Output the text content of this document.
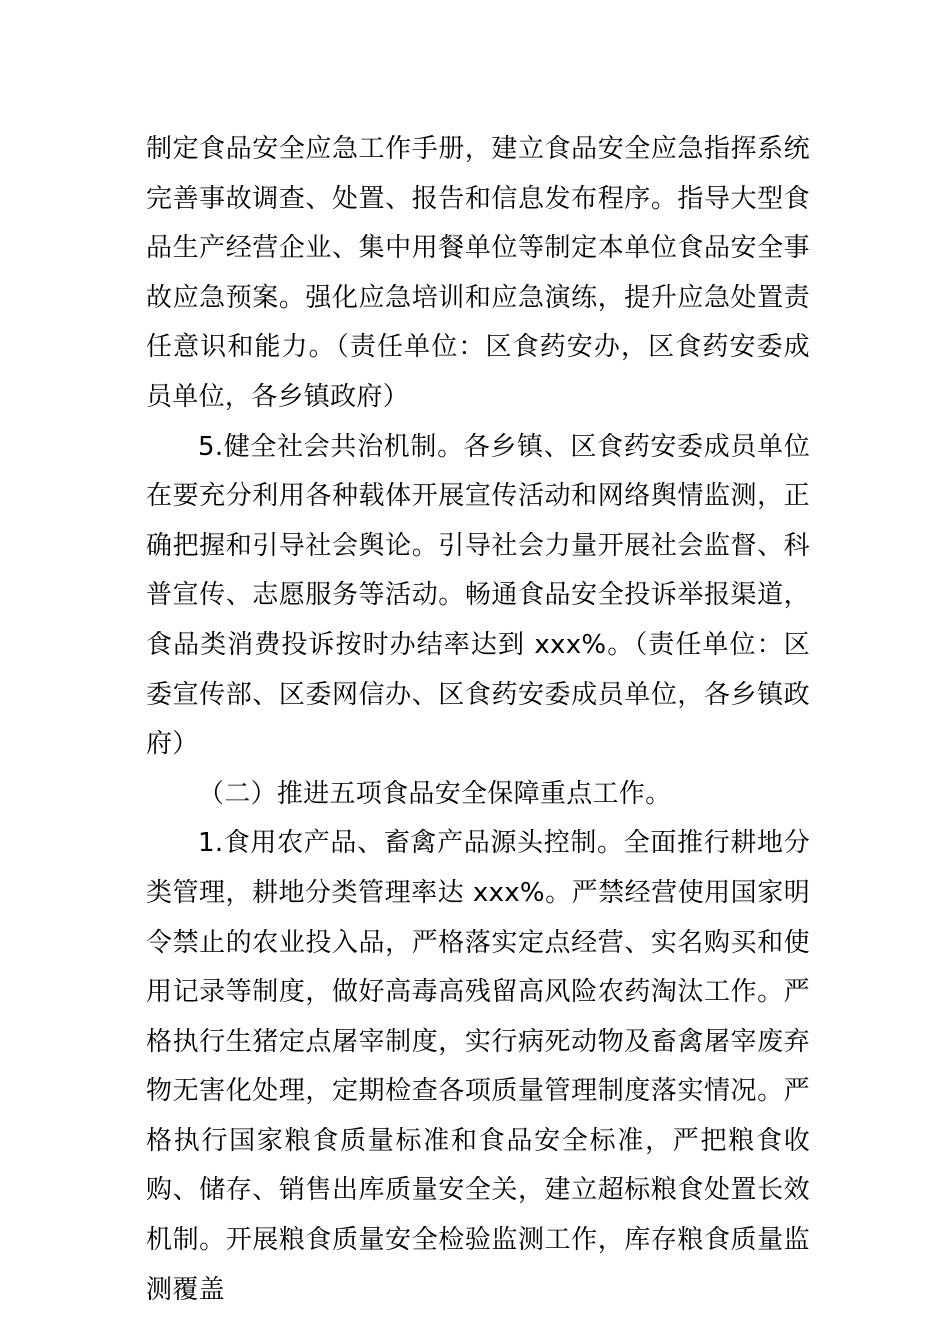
制定食品安全应急工作手册，建立食品安全应急指挥系统完善事故调查、处置、报告和信息发布程序。指导大型食品生产经营企业、集中用餐单位等制定本单位食品安全事故应急预案。强化应急培训和应急演练，提升应急处置责任意识和能力。（责任单位：区食药安办，区食药安委成员单位，各乡镇政府）

5.健全社会共治机制。各乡镇、区食药安委成员单位在要充分利用各种载体开展宣传活动和网络舆情监测，正确把握和引导社会舆论。引导社会力量开展社会监督、科普宣传、志愿服务等活动。畅通食品安全投诉举报渠道，食品类消费投诉按时办结率达到 xxx%。（责任单位：区委宣传部、区委网信办、区食药安委成员单位，各乡镇政府）

（二）推进五项食品安全保障重点工作。

1.食用农产品、畜禽产品源头控制。全面推行耕地分类管理，耕地分类管理率达 xxx%。严禁经营使用国家明令禁止的农业投入品，严格落实定点经营、实名购买和使用记录等制度，做好高毒高残留高风险农药淘汰工作。严格执行生猪定点屠宰制度，实行病死动物及畜禽屠宰废弃物无害化处理，定期检查各项质量管理制度落实情况。严格执行国家粮食质量标准和食品安全标准，严把粮食收购、储存、销售出库质量安全关，建立超标粮食处置长效机制。开展粮食质量安全检验监测工作，库存粮食质量监测覆盖
